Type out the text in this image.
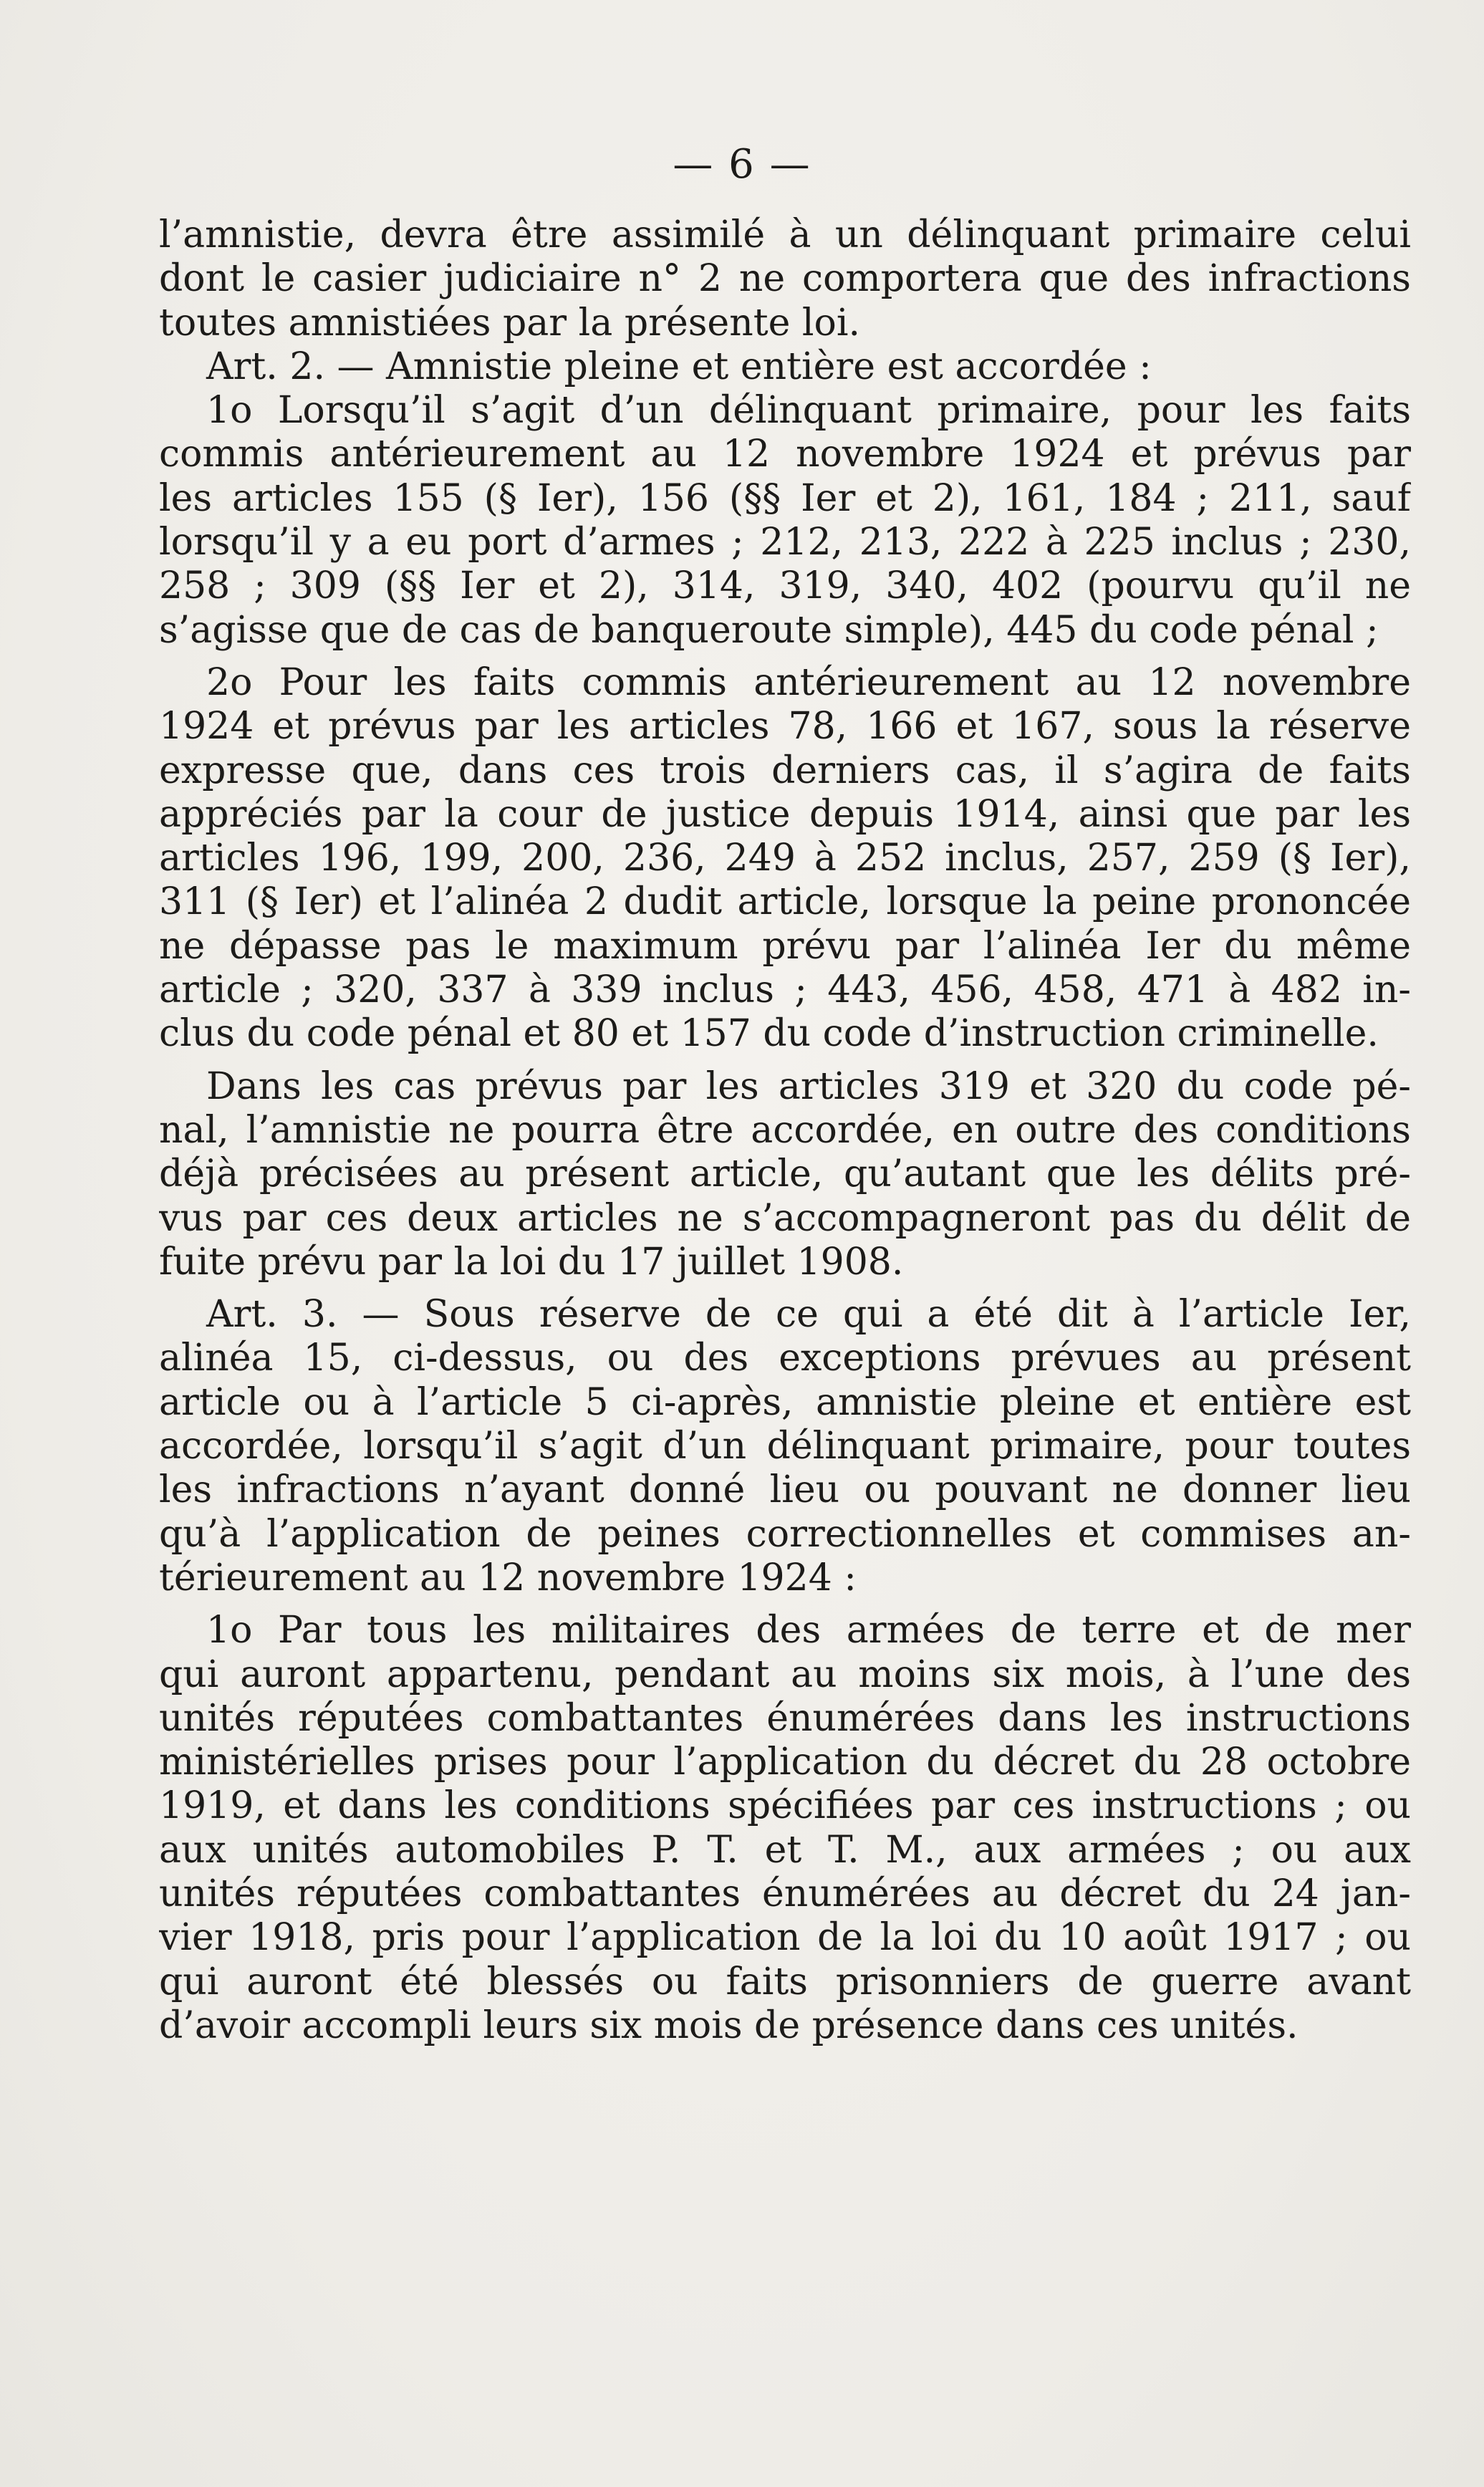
— 6 —
l’amnistie, devra être assimilé à un délinquant primaire celui
dont le casier judiciaire n° 2 ne comportera que des infractions
toutes amnistiées par la présente loi.
Art. 2. — Amnistie pleine et entière est accordée :
1o Lorsqu’il s’agit d’un délinquant primaire, pour les faits
commis antérieurement au 12 novembre 1924 et prévus par
les articles 155 (§ Ier), 156 (§§ Ier et 2), 161, 184 ; 211, sauf
lorsqu’il y a eu port d’armes ; 212, 213, 222 à 225 inclus ; 230,
258 ; 309 (§§ Ier et 2), 314, 319, 340, 402 (pourvu qu’il ne
s’agisse que de cas de banqueroute simple), 445 du code pénal ;
2o Pour les faits commis antérieurement au 12 novembre
1924 et prévus par les articles 78, 166 et 167, sous la réserve
expresse que, dans ces trois derniers cas, il s’agira de faits
appréciés par la cour de justice depuis 1914, ainsi que par les
articles 196, 199, 200, 236, 249 à 252 inclus, 257, 259 (§ Ier),
311 (§ Ier) et l’alinéa 2 dudit article, lorsque la peine prononcée
ne dépasse pas le maximum prévu par l’alinéa Ier du même
article ; 320, 337 à 339 inclus ; 443, 456, 458, 471 à 482 in-
clus du code pénal et 80 et 157 du code d’instruction criminelle.
Dans les cas prévus par les articles 319 et 320 du code pé-
nal, l’amnistie ne pourra être accordée, en outre des conditions
déjà précisées au présent article, qu’autant que les délits pré-
vus par ces deux articles ne s’accompagneront pas du délit de
fuite prévu par la loi du 17 juillet 1908.
Art. 3. — Sous réserve de ce qui a été dit à l’article Ier,
alinéa 15, ci-dessus, ou des exceptions prévues au présent
article ou à l’article 5 ci-après, amnistie pleine et entière est
accordée, lorsqu’il s’agit d’un délinquant primaire, pour toutes
les infractions n’ayant donné lieu ou pouvant ne donner lieu
qu’à l’application de peines correctionnelles et commises an-
térieurement au 12 novembre 1924 :
1o Par tous les militaires des armées de terre et de mer
qui auront appartenu, pendant au moins six mois, à l’une des
unités réputées combattantes énumérées dans les instructions
ministérielles prises pour l’application du décret du 28 octobre
1919, et dans les conditions spécifiées par ces instructions ; ou
aux unités automobiles P. T. et T. M., aux armées ; ou aux
unités réputées combattantes énumérées au décret du 24 jan-
vier 1918, pris pour l’application de la loi du 10 août 1917 ; ou
qui auront été blessés ou faits prisonniers de guerre avant
d’avoir accompli leurs six mois de présence dans ces unités.
